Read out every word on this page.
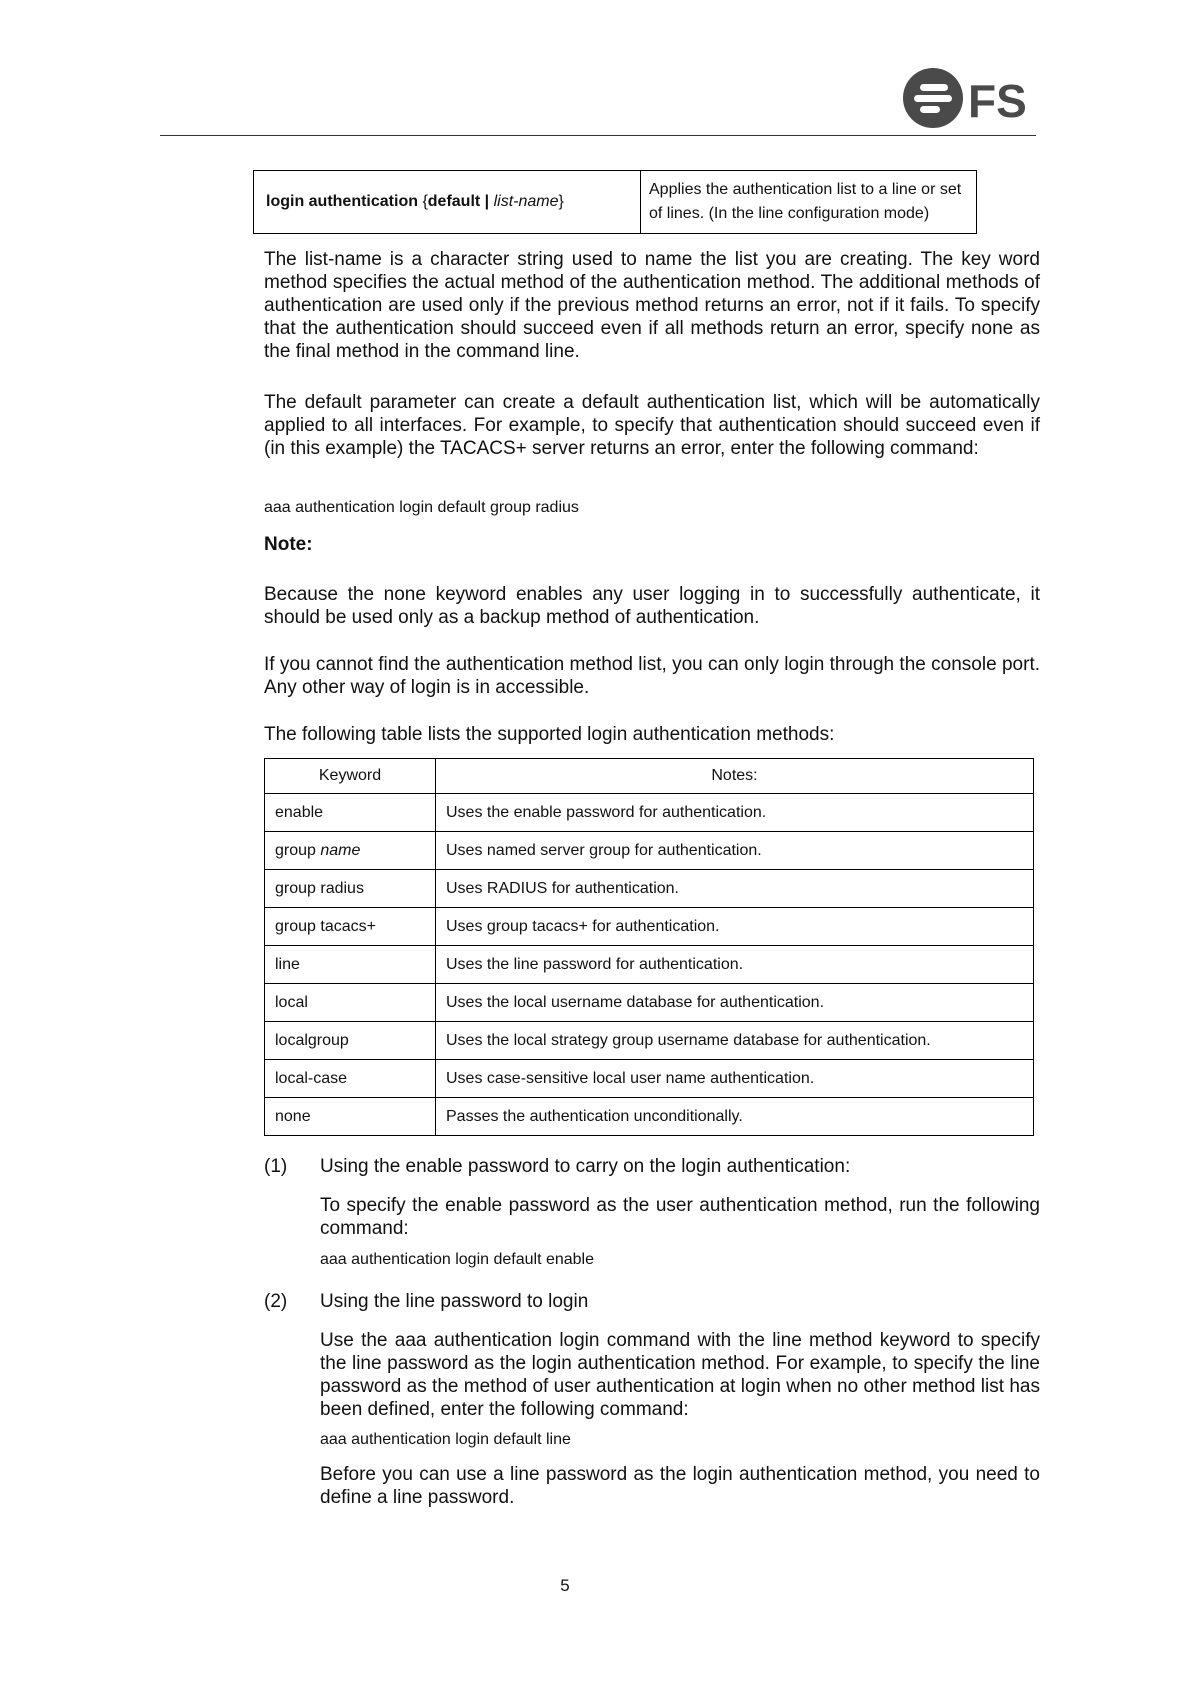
FS
login authentication {default | list-name}	Applies the authentication list to a line or set of lines. (In the line configuration mode)

The list-name is a character string used to name the list you are creating. The key word method specifies the actual method of the authentication method. The additional methods of authentication are used only if the previous method returns an error, not if it fails. To specify that the authentication should succeed even if all methods return an error, specify none as the final method in the command line.

The default parameter can create a default authentication list, which will be automatically applied to all interfaces. For example, to specify that authentication should succeed even if (in this example) the TACACS+ server returns an error, enter the following command:

aaa authentication login default group radius

Note:

Because the none keyword enables any user logging in to successfully authenticate, it should be used only as a backup method of authentication.

If you cannot find the authentication method list, you can only login through the console port. Any other way of login is in accessible.

The following table lists the supported login authentication methods:

Keyword	Notes:
enable	Uses the enable password for authentication.
group name	Uses named server group for authentication.
group radius	Uses RADIUS for authentication.
group tacacs+	Uses group tacacs+ for authentication.
line	Uses the line password for authentication.
local	Uses the local username database for authentication.
localgroup	Uses the local strategy group username database for authentication.
local-case	Uses case-sensitive local user name authentication.
none	Passes the authentication unconditionally.

(1) Using the enable password to carry on the login authentication:

To specify the enable password as the user authentication method, run the following command:

aaa authentication login default enable

(2) Using the line password to login

Use the aaa authentication login command with the line method keyword to specify the line password as the login authentication method. For example, to specify the line password as the method of user authentication at login when no other method list has been defined, enter the following command:

aaa authentication login default line

Before you can use a line password as the login authentication method, you need to define a line password.

5
